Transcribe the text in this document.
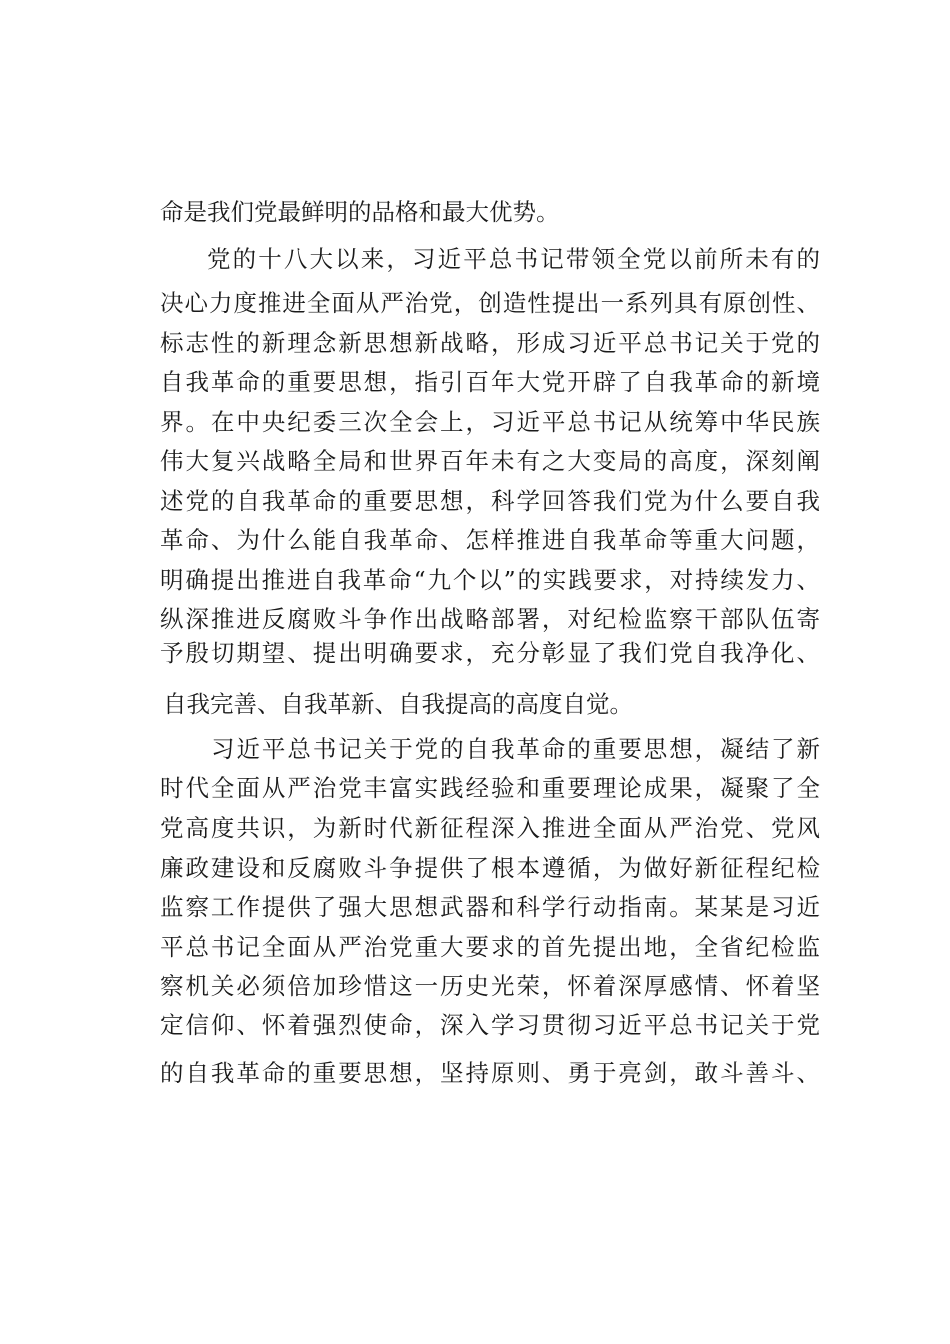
命是我们党最鲜明的品格和最大优势。
党的十八大以来，习近平总书记带领全党以前所未有的
决心力度推进全面从严治党，创造性提出一系列具有原创性、
标志性的新理念新思想新战略，形成习近平总书记关于党的
自我革命的重要思想，指引百年大党开辟了自我革命的新境
界。在中央纪委三次全会上，习近平总书记从统筹中华民族
伟大复兴战略全局和世界百年未有之大变局的高度，深刻阐
述党的自我革命的重要思想，科学回答我们党为什么要自我
革命、为什么能自我革命、怎样推进自我革命等重大问题，
明确提出推进自我革命“九个以”的实践要求，对持续发力、
纵深推进反腐败斗争作出战略部署，对纪检监察干部队伍寄
予殷切期望、提出明确要求，充分彰显了我们党自我净化、
自我完善、自我革新、自我提高的高度自觉。
习近平总书记关于党的自我革命的重要思想，凝结了新
时代全面从严治党丰富实践经验和重要理论成果，凝聚了全
党高度共识，为新时代新征程深入推进全面从严治党、党风
廉政建设和反腐败斗争提供了根本遵循，为做好新征程纪检
监察工作提供了强大思想武器和科学行动指南。某某是习近
平总书记全面从严治党重大要求的首先提出地，全省纪检监
察机关必须倍加珍惜这一历史光荣，怀着深厚感情、怀着坚
定信仰、怀着强烈使命，深入学习贯彻习近平总书记关于党
的自我革命的重要思想，坚持原则、勇于亮剑，敢斗善斗、
